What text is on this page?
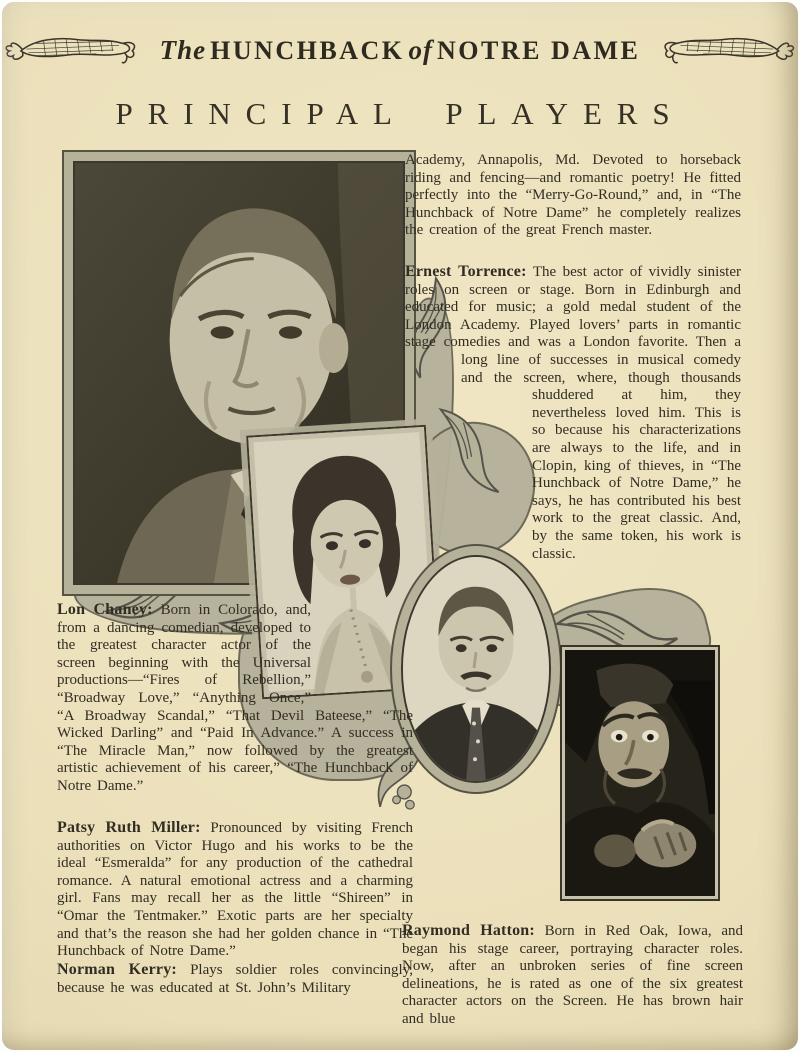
The HUNCHBACK of NOTRE DAME
PRINCIPAL PLAYERS
Academy, Annapolis, Md. Devoted to horseback riding and fencing—and romantic poetry! He fitted perfectly into the “Merry-Go-Round,” and, in “The Hunchback of Notre Dame” he completely realizes the creation of the great French master.
Ernest Torrence: The best actor of vividly sinister roles on screen or stage. Born in Edinburgh and educated for music; a gold medal student of the London Academy. Played lovers’ parts in romantic stage comedies and was a London favorite. Then a long line of successes in musical comedy and the screen, where, though thousands shuddered at him, they nevertheless loved him. This is so because his characterizations are always to the life, and in Clopin, king of thieves, in “The Hunchback of Notre Dame,” he says, he has contributed his best work to the great classic. And, by the same token, his work is classic.
Lon Chaney: Born in Colorado, and, from a dancing comedian, developed to the greatest character actor of the screen beginning with the Universal productions—“Fires of Rebellion,” “Broadway Love,” “Anything Once,” “A Broadway Scandal,” “That Devil Bateese,” “The Wicked Darling” and “Paid In Advance.” A success in “The Miracle Man,” now followed by the greatest artistic achievement of his career,” “The Hunchback of Notre Dame.”
Patsy Ruth Miller: Pronounced by visiting French authorities on Victor Hugo and his works to be the ideal “Esmeralda” for any production of the cathedral romance. A natural emotional actress and a charming girl. Fans may recall her as the little “Shireen” in “Omar the Tentmaker.” Exotic parts are her specialty and that’s the reason she had her golden chance in “The Hunchback of Notre Dame.”
Norman Kerry: Plays soldier roles convincingly, because he was educated at St. John’s Military
Raymond Hatton: Born in Red Oak, Iowa, and began his stage career, portraying character roles. Now, after an unbroken series of fine screen delineations, he is rated as one of the six greatest character actors on the Screen. He has brown hair and blue
